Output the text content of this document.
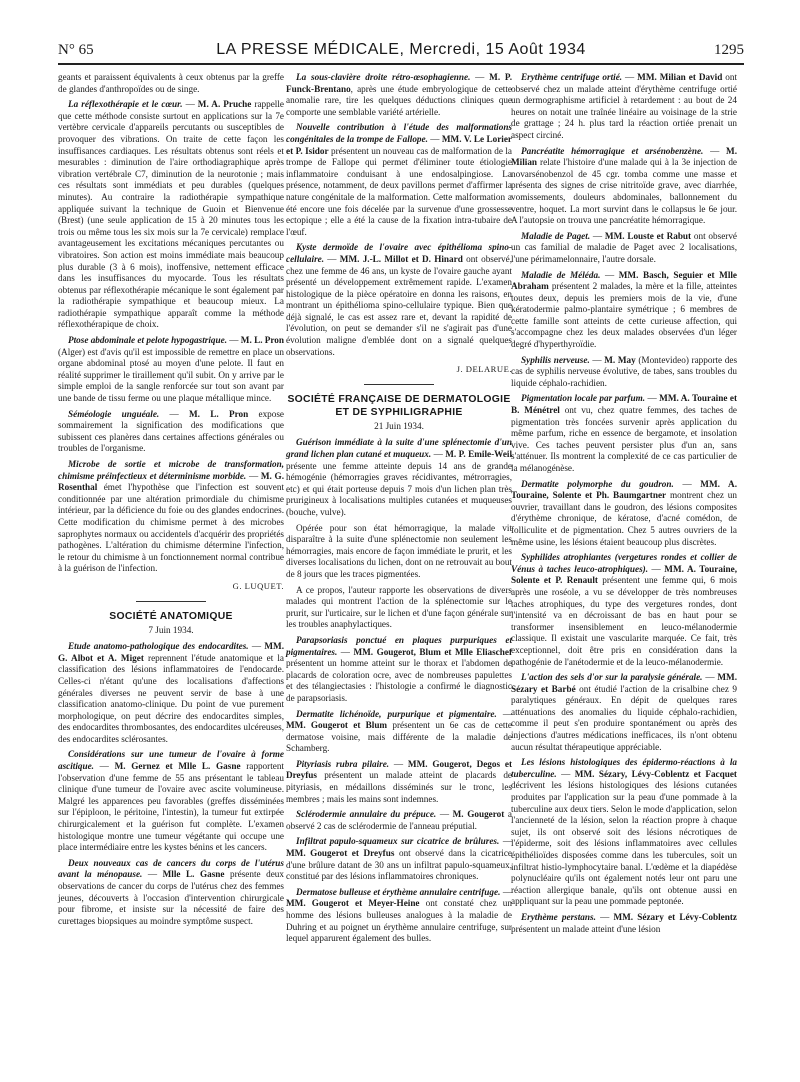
N° 65	LA PRESSE MÉDICALE, Mercredi, 15 Août 1934	1295

geants et paraissent équivalents à ceux obtenus par la greffe de glandes d'anthropoïdes ou de singe.

La réflexothérapie et le cœur. — M. A. Pruche rappelle que cette méthode consiste surtout en applications sur la 7e vertèbre cervicale d'appareils percutants ou susceptibles de provoquer des vibrations. On traite de cette façon les insuffisances cardiaques. Les résultats obtenus sont réels et mesurables : diminution de l'aire orthodiagraphique après vibration vertébrale C7, diminution de la neurotonie ; mais ces résultats sont immédiats et peu durables (quelques minutes). Au contraire la radiothérapie sympathique appliquée suivant la technique de Guoin et Bienvenue (Brest) (une seule application de 15 à 20 minutes tous les trois ou même tous les six mois sur la 7e cervicale) remplace avantageusement les excitations mécaniques percutantes ou vibratoires. Son action est moins immédiate mais beaucoup plus durable (3 à 6 mois), inoffensive, nettement efficace dans les insuffisances du myocarde. Tous les résultats obtenus par réflexothérapie mécanique le sont également par la radiothérapie sympathique et beaucoup mieux. La radiothérapie sympathique apparaît comme la méthode réflexothérapique de choix.

Ptose abdominale et pelote hypogastrique. — M. L. Pron (Alger) est d'avis qu'il est impossible de remettre en place un organe abdominal ptosé au moyen d'une pelote. Il faut en réalité supprimer le tiraillement qu'il subit. On y arrive par le simple emploi de la sangle renforcée sur tout son avant par une bande de tissu ferme ou une plaque métallique mince.

Séméologie unguéale. — M. L. Pron expose sommairement la signification des modifications que subissent ces planères dans certaines affections générales ou troubles de l'organisme.

Microbe de sortie et microbe de transformation, chimisme préinfectieux et déterminisme morbide. — M. G. Rosenthal émet l'hypothèse que l'infection est souvent conditionnée par une altération primordiale du chimisme intérieur, par la déficience du foie ou des glandes endocrines. Cette modification du chimisme permet à des microbes saprophytes normaux ou accidentels d'acquérir des propriétés pathogènes. L'altération du chimisme détermine l'infection, le retour du chimisme à un fonctionnement normal contribue à la guérison de l'infection.

G. LUQUET.
SOCIÉTÉ ANATOMIQUE
7 Juin 1934.

Etude anatomo-pathologique des endocardites. — MM. G. Albot et A. Miget reprennent l'étude anatomique et la classification des lésions inflammatoires de l'endocarde. Celles-ci n'étant qu'une des localisations d'affections générales diverses ne peuvent servir de base à une classification anatomo-clinique. Du point de vue purement morphologique, on peut décrire des endocardites simples, des endocardites thrombosantes, des endocardites ulcéreuses, des endocardites sclérosantes.

Considérations sur une tumeur de l'ovaire à forme ascitique. — M. Gernez et Mlle L. Gasne rapportent l'observation d'une femme de 55 ans présentant le tableau clinique d'une tumeur de l'ovaire avec ascite volumineuse. Malgré les apparences peu favorables (greffes disséminées sur l'épiploon, le péritoine, l'intestin), la tumeur fut extirpée chirurgicalement et la guérison fut complète. L'examen histologique montre une tumeur végétante qui occupe une place intermédiaire entre les kystes bénins et les cancers.

Deux nouveaux cas de cancers du corps de l'utérus avant la ménopause. — Mlle L. Gasne présente deux observations de cancer du corps de l'utérus chez des femmes jeunes, découverts à l'occasion d'intervention chirurgicale pour fibrome, et insiste sur la nécessité de faire des curettages biopsiques au moindre symptôme suspect.

La sous-clavière droite rétro-œsophagienne. — M. P. Funck-Brentano, après une étude embryologique de cette anomalie rare, tire les quelques déductions cliniques que comporte une semblable variété artérielle.

Nouvelle contribution à l'étude des malformations congénitales de la trompe de Fallope. — MM. V. Le Lorier et P. Isidor présentent un nouveau cas de malformation de la trompe de Fallope qui permet d'éliminer toute étiologie inflammatoire conduisant à une endosalpingiose. La présence, notamment, de deux pavillons permet d'affirmer la nature congénitale de la malformation. Cette malformation a été encore une fois décelée par la survenue d'une grossesse ectopique ; elle a été la cause de la fixation intra-tubaire de l'œuf.

Kyste dermoïde de l'ovaire avec épithélioma spino-cellulaire. — MM. J.-L. Millot et D. Hinard ont observé, chez une femme de 46 ans, un kyste de l'ovaire gauche ayant présenté un développement extrêmement rapide. L'examen histologique de la pièce opératoire en donna les raisons, en montrant un épithélioma spino-cellulaire typique. Bien que déjà signalé, le cas est assez rare et, devant la rapidité de l'évolution, on peut se demander s'il ne s'agirait pas d'une évolution maligne d'emblée dont on a signalé quelques observations.

J. DELARUE.
SOCIÉTÉ FRANÇAISE DE DERMATOLOGIE ET DE SYPHILIGRAPHIE
21 Juin 1934.

Guérison immédiate à la suite d'une splénectomie d'un grand lichen plan cutané et muqueux. — M. P. Emile-Weil présente une femme atteinte depuis 14 ans de grande hémogénie (hémorragies graves récidivantes, métrorragies, etc) et qui était porteuse depuis 7 mois d'un lichen plan très prurigineux à localisations multiples cutanées et muqueuses (bouche, vulve).

Opérée pour son état hémorragique, la malade vit disparaître à la suite d'une splénectomie non seulement les hémorragies, mais encore de façon immédiate le prurit, et les diverses localisations du lichen, dont on ne retrouvait au bout de 8 jours que les traces pigmentées.

A ce propos, l'auteur rapporte les observations de divers malades qui montrent l'action de la splénectomie sur le prurit, sur l'urticaire, sur le lichen et d'une façon générale sur les troubles anaphylactiques.

Parapsoriasis ponctué en plaques purpuriques et pigmentaires. — MM. Gougerot, Blum et Mlle Eliaschef présentent un homme atteint sur le thorax et l'abdomen de placards de coloration ocre, avec de nombreuses papulettes et des télangiectasies : l'histologie a confirmé le diagnostic de parapsoriasis.

Dermatite lichénoïde, purpurique et pigmentaire. — MM. Gougerot et Blum présentent un 6e cas de cette dermatose voisine, mais différente de la maladie de Schamberg.

Pityriasis rubra pilaire. — MM. Gougerot, Degos et Dreyfus présentent un malade atteint de placards de pityriasis, en médaillons disséminés sur le tronc, les membres ; mais les mains sont indemnes.

Sclérodermie annulaire du prépuce. — M. Gougerot a observé 2 cas de sclérodermie de l'anneau préputial.

Infiltrat papulo-squameux sur cicatrice de brûlures. — MM. Gougerot et Dreyfus ont observé dans la cicatrice d'une brûlure datant de 30 ans un infiltrat papulo-squameux, constitué par des lésions inflammatoires chroniques.

Dermatose bulleuse et érythème annulaire centrifuge. — MM. Gougerot et Meyer-Heine ont constaté chez un homme des lésions bulleuses analogues à la maladie de Duhring et au poignet un érythème annulaire centrifuge, sur lequel apparurent également des bulles.

Erythème centrifuge ortié. — MM. Milian et David ont observé chez un malade atteint d'érythème centrifuge ortié un dermographisme artificiel à retardement : au bout de 24 heures on notait une traînée linéaire au voisinage de la strie de grattage ; 24 h. plus tard la réaction ortiée prenait un aspect circiné.

Pancréatite hémorragique et arsénobenzène. — M. Milian relate l'histoire d'une malade qui à la 3e injection de novarsénobenzol de 45 cgr. tomba comme une masse et présenta des signes de crise nitritoïde grave, avec diarrhée, vomissements, douleurs abdominales, ballonnement du ventre, hoquet. La mort survint dans le collapsus le 6e jour. A l'autopsie on trouva une pancréatite hémorragique.

Maladie de Paget. — MM. Louste et Rabut ont observé un cas familial de maladie de Paget avec 2 localisations, l'une périmamelonnaire, l'autre dorsale.

Maladie de Méléda. — MM. Basch, Seguier et Mlle Abraham présentent 2 malades, la mère et la fille, atteintes toutes deux, depuis les premiers mois de la vie, d'une kératodermie palmo-plantaire symétrique ; 6 membres de cette famille sont atteints de cette curieuse affection, qui s'accompagne chez les deux malades observées d'un léger degré d'hyperthyroïdie.

Syphilis nerveuse. — M. May (Montevideo) rapporte des cas de syphilis nerveuse évolutive, de tabes, sans troubles du liquide céphalo-rachidien.

Pigmentation locale par parfum. — MM. A. Touraine et B. Ménétrel ont vu, chez quatre femmes, des taches de pigmentation très foncées survenir après application du même parfum, riche en essence de bergamote, et insolation vive. Ces taches peuvent persister plus d'un an, sans s'atténuer. Ils montrent la complexité de ce cas particulier de la mélanogénèse.

Dermatite polymorphe du goudron. — MM. A. Touraine, Solente et Ph. Baumgartner montrent chez un ouvrier, travaillant dans le goudron, des lésions composites d'érythème chronique, de kératose, d'acné comédon, de folliculite et de pigmentation. Chez 5 autres ouvriers de la même usine, les lésions étaient beaucoup plus discrètes.

Syphilides atrophiantes (vergetures rondes et collier de Vénus à taches leuco-atrophiques). — MM. A. Touraine, Solente et P. Renault présentent une femme qui, 6 mois après une roséole, a vu se développer de très nombreuses taches atrophiques, du type des vergetures rondes, dont l'intensité va en décroissant de bas en haut pour se transformer insensiblement en leuco-mélanodermie classique. Il existait une vascularite marquée. Ce fait, très exceptionnel, doit être pris en considération dans la pathogénie de l'anétodermie et de la leuco-mélanodermie.

L'action des sels d'or sur la paralysie générale. — MM. Sézary et Barbé ont étudié l'action de la crisalbine chez 9 paralytiques généraux. En dépit de quelques rares atténuations des anomalies du liquide céphalo-rachidien, comme il peut s'en produire spontanément ou après des injections d'autres médications inefficaces, ils n'ont obtenu aucun résultat thérapeutique appréciable.

Les lésions histologiques des épidermo-réactions à la tuberculine. — MM. Sézary, Lévy-Coblentz et Facquet décrivent les lésions histologiques des lésions cutanées produites par l'application sur la peau d'une pommade à la tuberculine aux deux tiers. Selon le mode d'application, selon l'ancienneté de la lésion, selon la réaction propre à chaque sujet, ils ont observé soit des lésions nécrotiques de l'épiderme, soit des lésions inflammatoires avec cellules épithélioïdes disposées comme dans les tubercules, soit un infiltrat histio-lymphocytaire banal. L'œdème et la diapédèse polynucléaire qu'ils ont également notés leur ont paru une réaction allergique banale, qu'ils ont obtenue aussi en appliquant sur la peau une pommade peptonée.

Erythème perstans. — MM. Sézary et Lévy-Coblentz présentent un malade atteint d'une lésion
